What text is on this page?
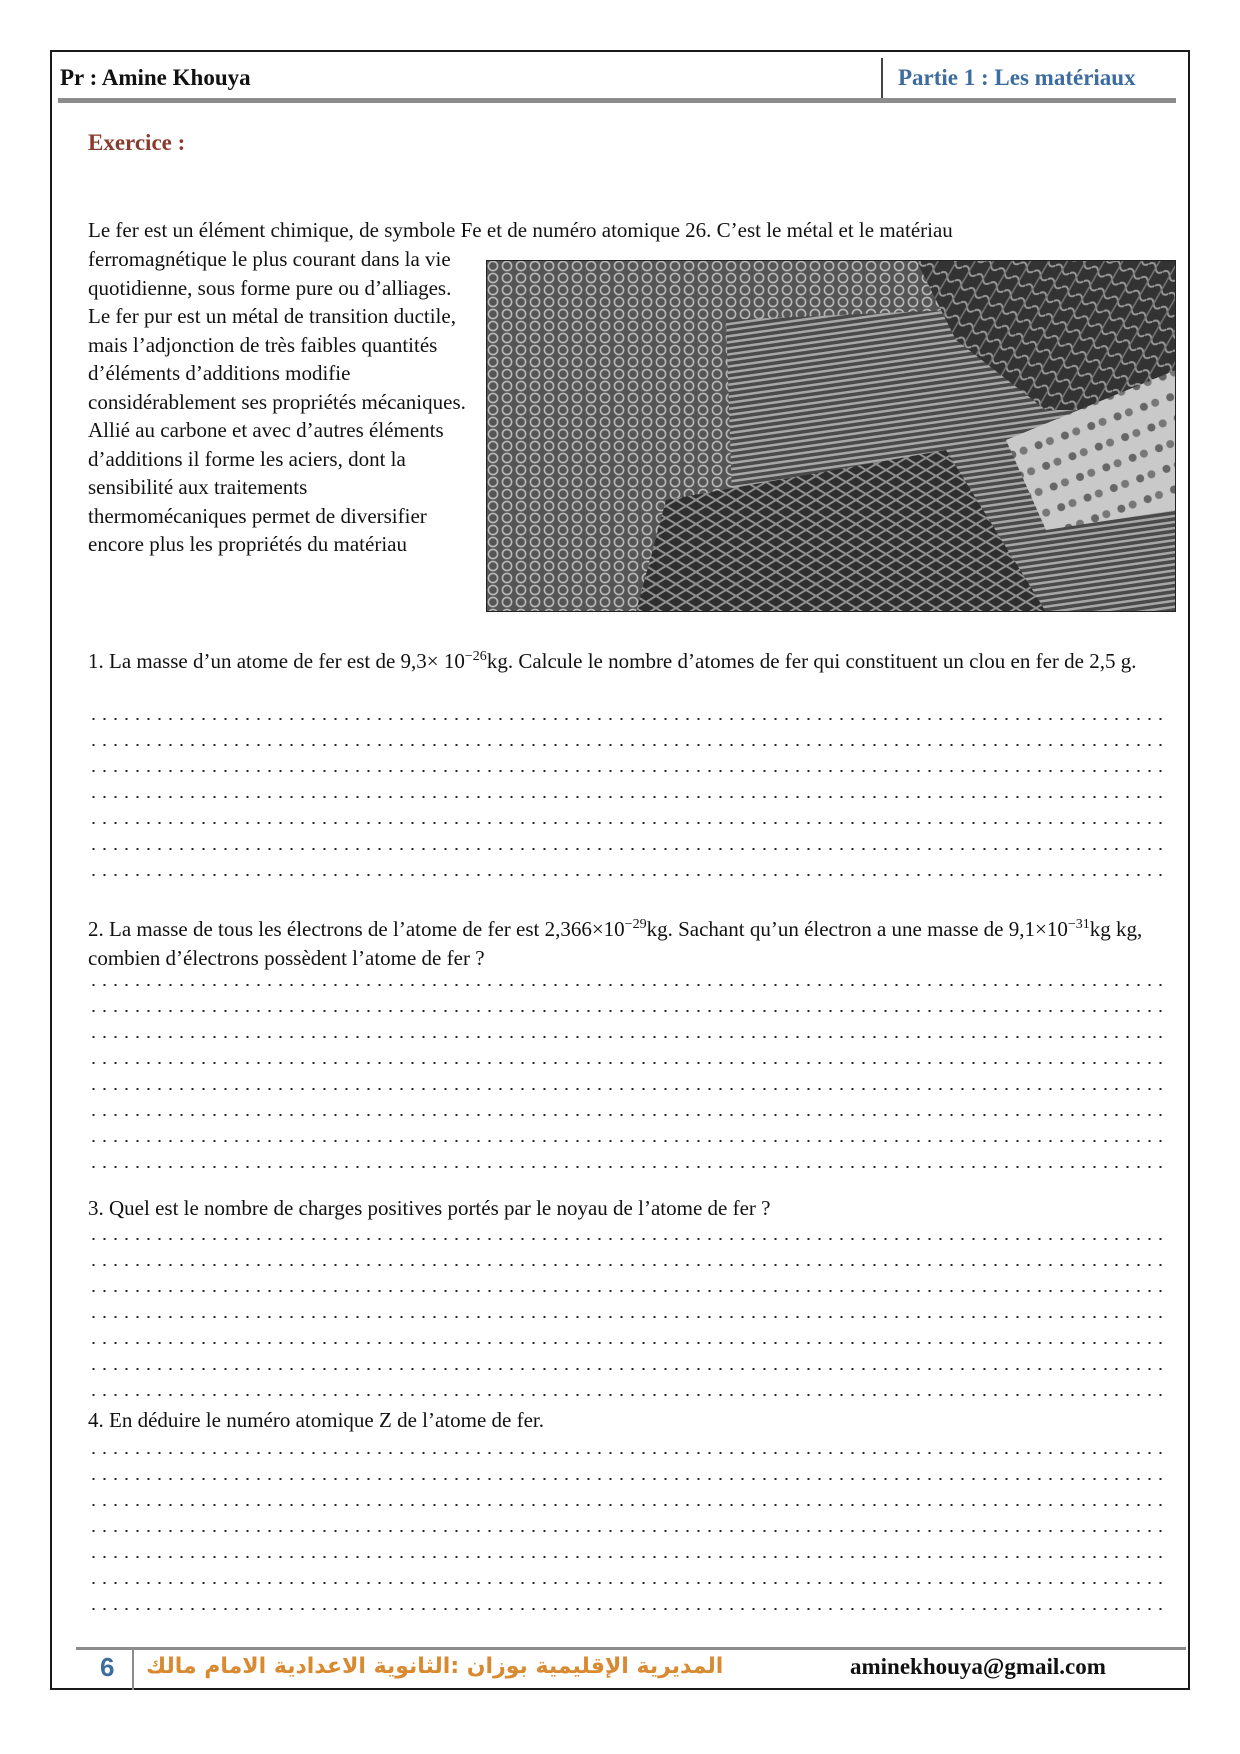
Pr : Amine Khouya	Partie 1 : Les matériaux
Exercice :
Le fer est un élément chimique, de symbole Fe et de numéro atomique 26. C’est le métal et le matériau
ferromagnétique le plus courant dans la vie quotidienne, sous forme pure ou d’alliages. Le fer pur est un métal de transition ductile, mais l’adjonction de très faibles quantités d’éléments d’additions modifie considérablement ses propriétés mécaniques. Allié au carbone et avec d’autres éléments d’additions il forme les aciers, dont la sensibilité aux traitements thermomécaniques permet de diversifier encore plus les propriétés du matériau
1. La masse d’un atome de fer est de $9,3\times 10^{-26}kg$. Calcule le nombre d’atomes de fer qui constituent un clou en fer de 2,5 g.
2. La masse de tous les électrons de l’atome de fer est $2,366\times 10^{-29}kg$. Sachant qu’un électron a une masse de $9,1\times 10^{-31}kg$ kg, combien d’électrons possèdent l’atome de fer ?
3. Quel est le nombre de charges positives portés par le noyau de l’atome de fer ?
4. En déduire le numéro atomique Z de l’atome de fer.
6 المديرية الإقليمية بوزان :الثانوية الاعدادية الامام مالك	aminekhouya@gmail.com
